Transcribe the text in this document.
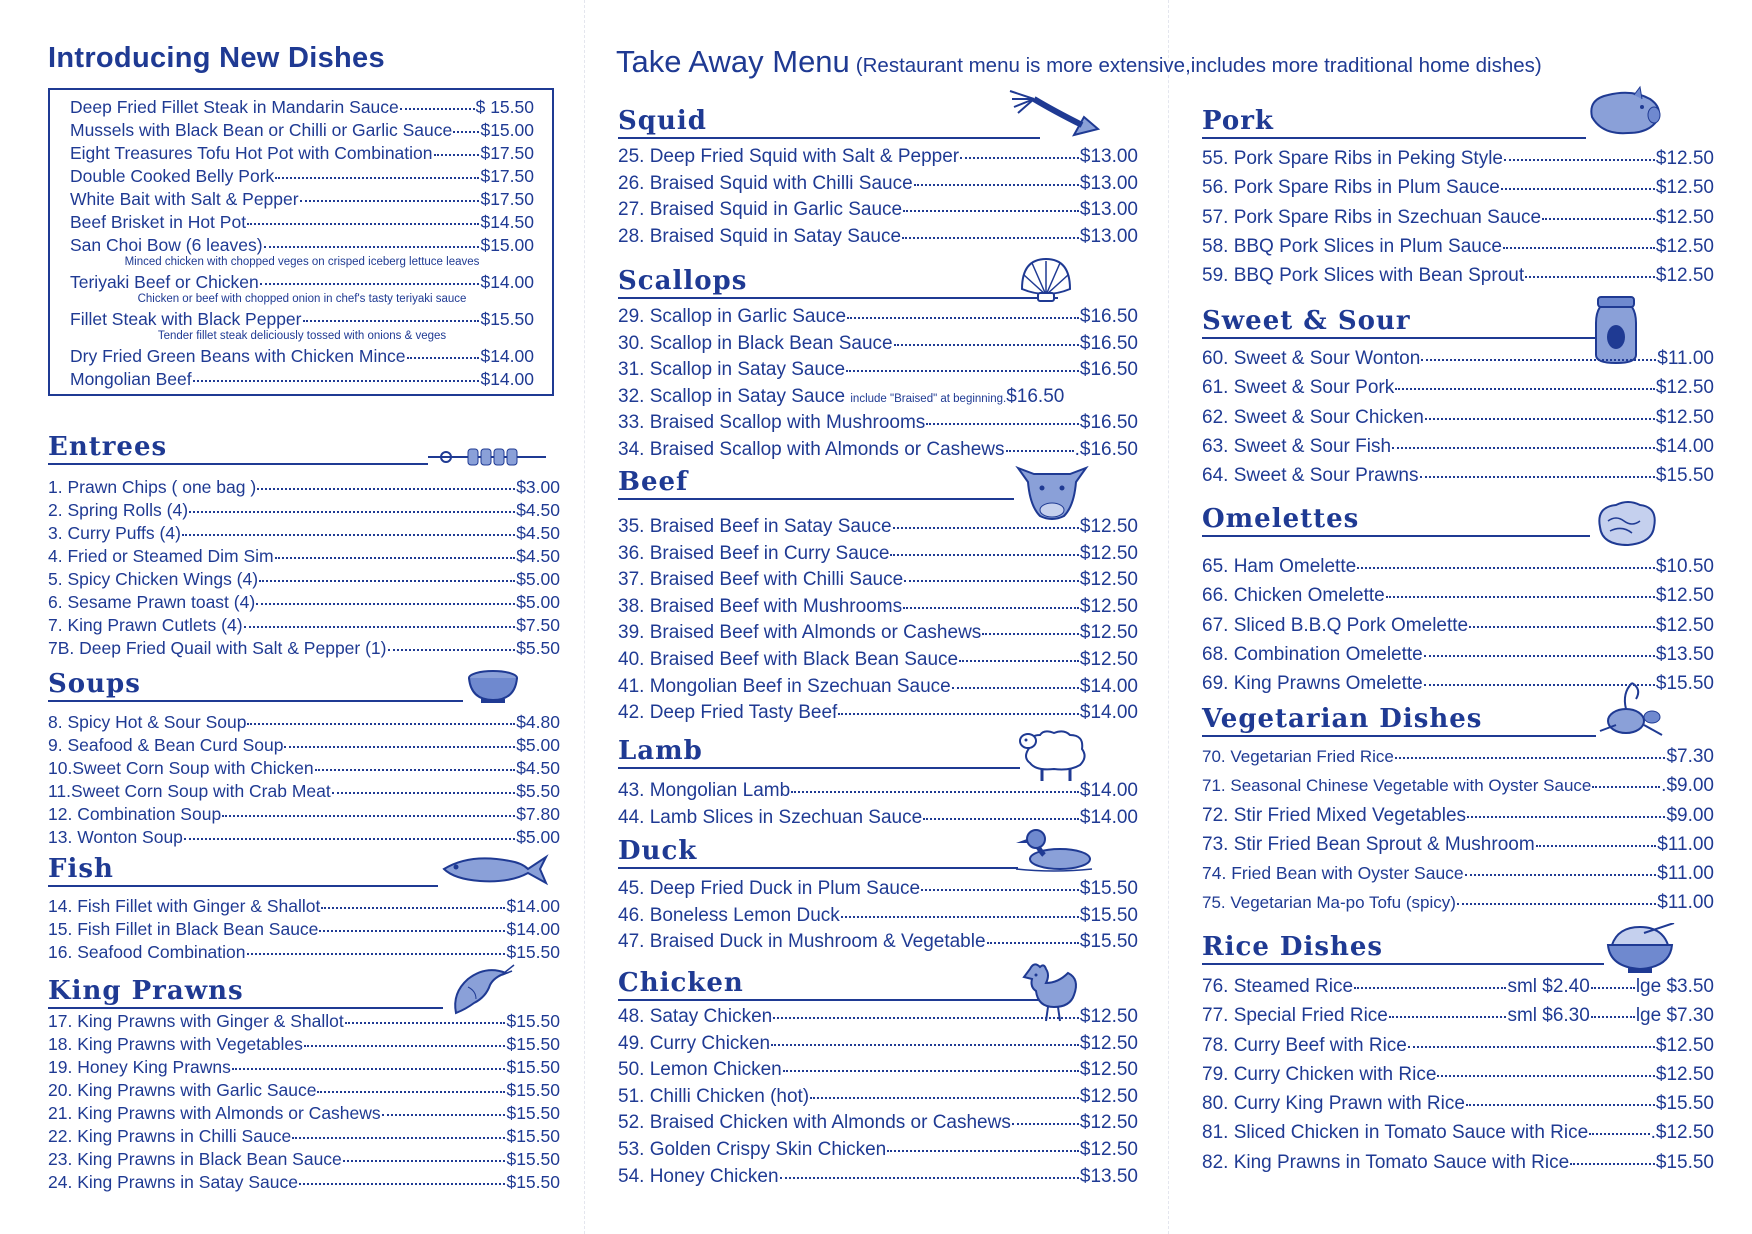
Introducing New Dishes
Deep Fried Fillet Steak in Mandarin Sauce	$ 15.50
Mussels with Black Bean or Chilli or Garlic Sauce $15.00
Eight Treasures Tofu Hot Pot with Combination	$17.50
Double Cooked Belly Pork	$17.50
White Bait with Salt & Pepper	$17.50
Beef Brisket in Hot Pot	$14.50
San Choi Bow (6 leaves)	$15.00
Minced chicken with chopped veges on crisped iceberg lettuce leaves
Teriyaki Beef or Chicken	$14.00
Chicken or beef with chopped onion in chef's tasty teriyaki sauce
Fillet Steak with Black Pepper	$15.50
Tender fillet steak deliciously tossed with onions & veges
Dry Fried Green Beans with Chicken Mince	$14.00
Mongolian Beef	$14.00
Entrees
1. Prawn Chips ( one bag )	$3.00
2. Spring Rolls (4)	$4.50
3. Curry Puffs (4)	$4.50
4. Fried or Steamed Dim Sim	$4.50
5. Spicy Chicken Wings (4)	$5.00
6. Sesame Prawn toast (4)	$5.00
7. King Prawn Cutlets (4)	$7.50
7B. Deep Fried Quail with Salt & Pepper (1)	$5.50
Soups
8. Spicy Hot & Sour Soup	$4.80
9. Seafood & Bean Curd Soup	$5.00
10.Sweet Corn Soup with Chicken	$4.50
11.Sweet Corn Soup with Crab Meat	$5.50
12. Combination Soup	$7.80
13. Wonton Soup	$5.00
Fish
14. Fish Fillet with Ginger & Shallot	$14.00
15. Fish Fillet in Black Bean Sauce	$14.00
16. Seafood Combination	$15.50
King Prawns
17. King Prawns with Ginger & Shallot	$15.50
18. King Prawns with Vegetables	$15.50
19. Honey King Prawns	$15.50
20. King Prawns with Garlic Sauce	$15.50
21. King Prawns with Almonds or Cashews	$15.50
22. King Prawns in Chilli Sauce	$15.50
23. King Prawns in Black Bean Sauce	$15.50
24. King Prawns in Satay Sauce	$15.50
Take Away Menu (Restaurant menu is more extensive,includes more traditional home dishes)
Squid
25. Deep Fried Squid with Salt & Pepper	$13.00
26. Braised Squid with Chilli Sauce	$13.00
27. Braised Squid in Garlic Sauce	$13.00
28. Braised Squid in Satay Sauce	$13.00
Scallops
29. Scallop in Garlic Sauce	$16.50
30. Scallop in Black Bean Sauce	$16.50
31. Scallop in Satay Sauce	$16.50
32. Scallop in Satay Sauce
include "Braised" at beginning. $16.50
33. Braised Scallop with Mushrooms	$16.50
34. Braised Scallop with Almonds or Cashews	.$16.50
Beef
35. Braised Beef in Satay Sauce	$12.50
36. Braised Beef in Curry Sauce	$12.50
37. Braised Beef with Chilli Sauce	$12.50
38. Braised Beef with Mushrooms	$12.50
39. Braised Beef with Almonds or Cashews	$12.50
40. Braised Beef with Black Bean Sauce	$12.50
41. Mongolian Beef in Szechuan Sauce	$14.00
42. Deep Fried Tasty Beef	$14.00
Lamb
43. Mongolian Lamb	$14.00
44. Lamb Slices in Szechuan Sauce	$14.00
Duck
45. Deep Fried Duck in Plum Sauce	$15.50
46. Boneless Lemon Duck	$15.50
47. Braised Duck in Mushroom & Vegetable	$15.50
Chicken
48. Satay Chicken	$12.50
49. Curry Chicken	$12.50
50. Lemon Chicken	$12.50
51. Chilli Chicken (hot)	$12.50
52. Braised Chicken with Almonds or Cashews	$12.50
53. Golden Crispy Skin Chicken	$12.50
54. Honey Chicken	$13.50
Pork
55. Pork Spare Ribs in Peking Style	$12.50
56. Pork Spare Ribs in Plum Sauce	$12.50
57. Pork Spare Ribs in Szechuan Sauce	$12.50
58. BBQ Pork Slices in Plum Sauce	$12.50
59. BBQ Pork Slices with Bean Sprout	$12.50
Sweet & Sour
60. Sweet & Sour Wonton	$11.00
61. Sweet & Sour Pork	$12.50
62. Sweet & Sour Chicken	$12.50
63. Sweet & Sour Fish	$14.00
64. Sweet & Sour Prawns	$15.50
Omelettes
65. Ham Omelette	$10.50
66. Chicken Omelette	$12.50
67. Sliced B.B.Q Pork Omelette	$12.50
68. Combination Omelette	$13.50
69. King Prawns Omelette	$15.50
Vegetarian Dishes
70. Vegetarian Fried Rice	$7.30
71. Seasonal Chinese Vegetable with Oyster Sauce	.$9.00
72. Stir Fried Mixed Vegetables	$9.00
73. Stir Fried Bean Sprout & Mushroom	$11.00
74. Fried Bean with Oyster Sauce	$11.00
75. Vegetarian Ma-po Tofu (spicy)	$11.00
Rice Dishes
76. Steamed Rice	sml $2.40 lge $3.50
77. Special Fried Rice	sml $6.30 lge $7.30
78. Curry Beef with Rice	$12.50
79. Curry Chicken with Rice	$12.50
80. Curry King Prawn with Rice	$15.50
81. Sliced Chicken in Tomato Sauce with Rice	.$12.50
82. King Prawns in Tomato Sauce with Rice	$15.50
